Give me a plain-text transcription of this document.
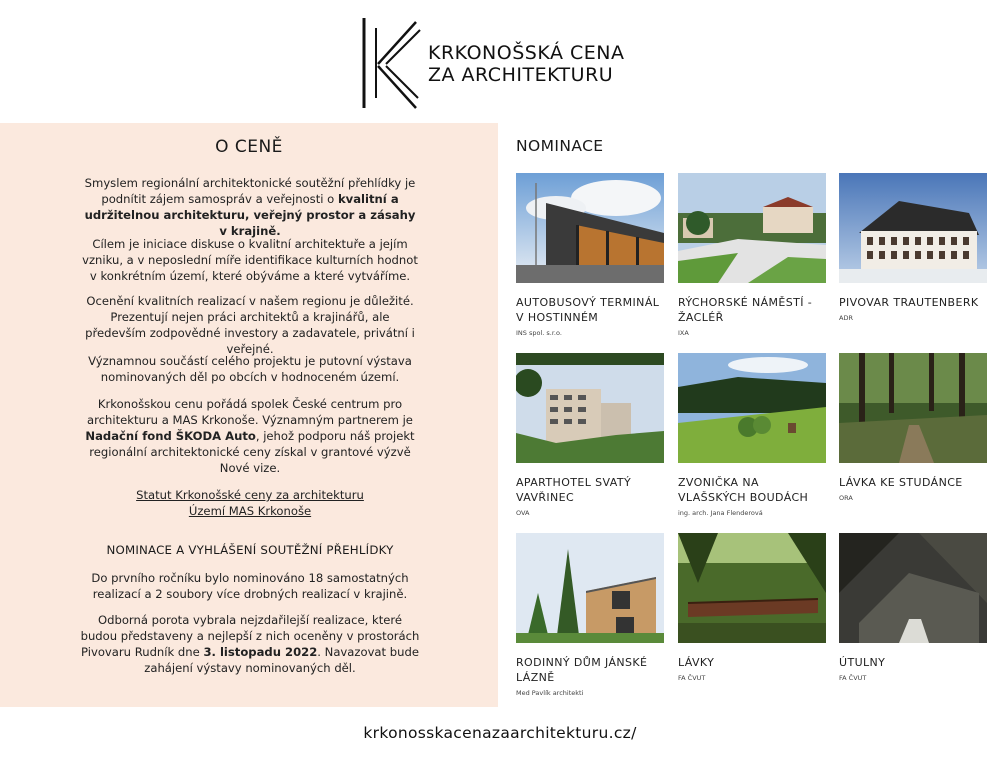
KRKONOŠSKÁ CENA
ZA ARCHITEKTURU
O CENĚ

Smyslem regionální architektonické soutěžní přehlídky je podnítit zájem samospráv a veřejnosti o kvalitní a udržitelnou architekturu, veřejný prostor a zásahy v krajině.

Cílem je iniciace diskuse o kvalitní architektuře a jejím vzniku, a v neposlední míře identifikace kulturních hodnot v konkrétním území, které obýváme a které vytváříme.

Ocenění kvalitních realizací v našem regionu je důležité. Prezentují nejen práci architektů a krajinářů, ale především zodpovědné investory a zadavatele, privátní i veřejné.

Významnou součástí celého projektu je putovní výstava nominovaných děl po obcích v hodnoceném území.

Krkonošskou cenu pořádá spolek České centrum pro architekturu a MAS Krkonoše. Významným partnerem je Nadační fond ŠKODA Auto, jehož podporu náš projekt regionální architektonické ceny získal v grantové výzvě Nové vize.

Statut Krkonošské ceny za architekturu
Území MAS Krkonoše
NOMINACE A VYHLÁŠENÍ SOUTĚŽNÍ PŘEHLÍDKY

Do prvního ročníku bylo nominováno 18 samostatných realizací a 2 soubory více drobných realizací v krajině.

Odborná porota vybrala nejzdařilejší realizace, které budou představeny a nejlepší z nich oceněny v prostorách Pivovaru Rudník dne 3. listopadu 2022. Navazovat bude zahájení výstavy nominovaných děl.

NOMINACE
AUTOBUSOVÝ TERMINÁL V HOSTINNÉM
INS spol. s.r.o.
RÝCHORSKÉ NÁMĚSTÍ - ŽACLÉŘ
IXA
PIVOVAR TRAUTENBERK
ADR
APARTHOTEL SVATÝ VAVŘINEC
OVA
ZVONIČKA NA VLAŠSKÝCH BOUDÁCH
ing. arch. Jana Flenderová
LÁVKA KE STUDÁNCE
ORA
RODINNÝ DŮM JÁNSKÉ LÁZNĚ
Med Pavlík architekti
LÁVKY
FA ČVUT
ÚTULNY
FA ČVUT
krkonosskacenazaarchitekturu.cz/
